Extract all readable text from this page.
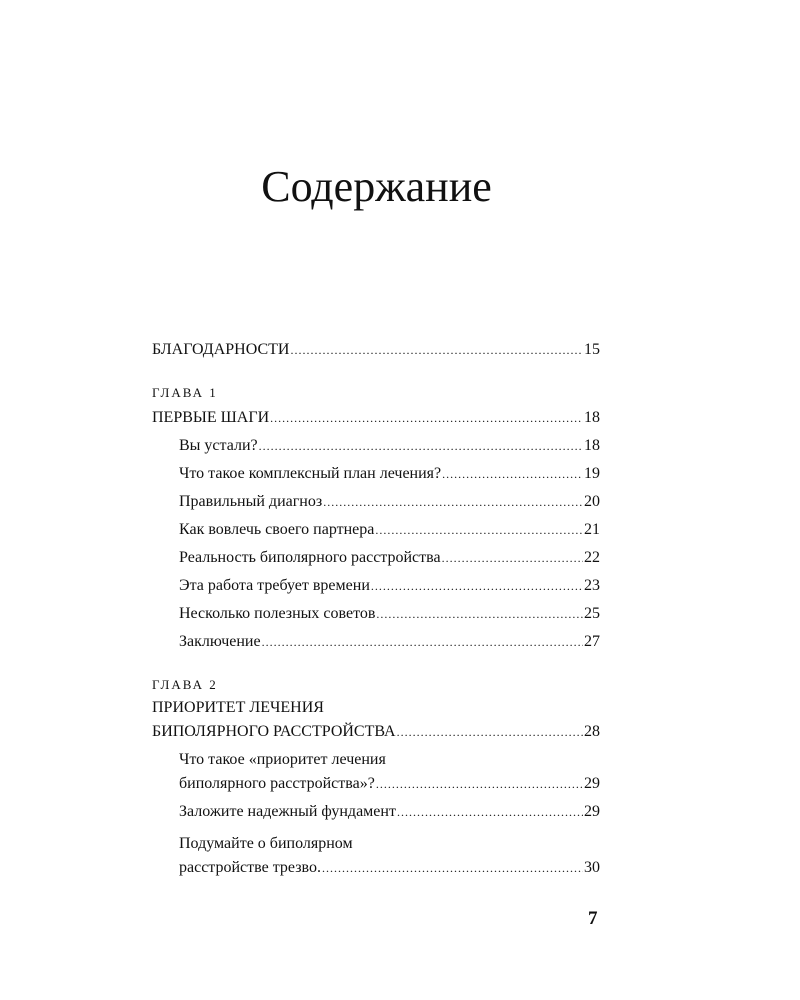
Содержание
БЛАГОДАРНОСТИ .....	15
ГЛАВА 1
ПЕРВЫЕ ШАГИ .....	18
Вы устали? .....	18
Что такое комплексный план лечения? .....	19
Правильный диагноз .....	20
Как вовлечь своего партнера .....	21
Реальность биполярного расстройства .....	22
Эта работа требует времени .....	23
Несколько полезных советов .....	25
Заключение .....	27
ГЛАВА 2
ПРИОРИТЕТ ЛЕЧЕНИЯ
БИПОЛЯРНОГО РАССТРОЙСТВА .....	28
Что такое «приоритет лечения
биполярного расстройства»? .....	29
Заложите надежный фундамент .....	29
Подумайте о биполярном
расстройстве трезво. .....	30
7
